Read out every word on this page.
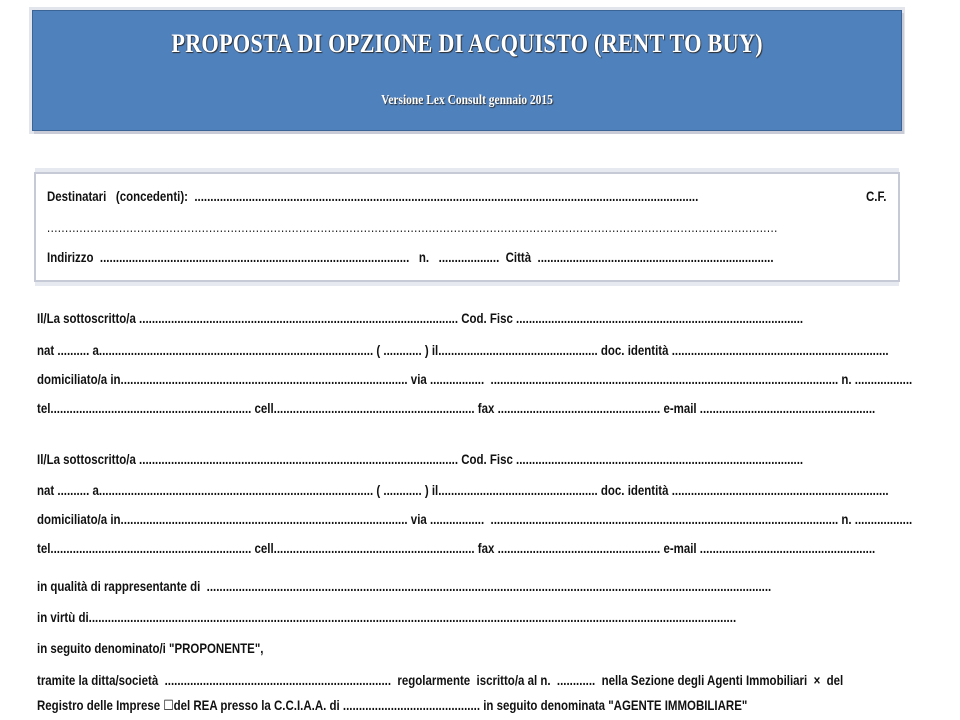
PROPOSTA DI OPZIONE DI ACQUISTO (RENT TO BUY)
Versione Lex Consult gennaio 2015
Destinatari   (concedenti):  ..............................................................................................................................................................	C.F.
...........................................................................................................................................................................................................
Indirizzo  .................................................................................................   n.   ...................  Città  ..........................................................................
Il/La sottoscritto/a .................................................................................................... Cod. Fisc ..........................................................................................
nat .......... a...................................................................................... ( ............ ) il.................................................. doc. identità ....................................................................
domiciliato/a in.......................................................................................... via .................  ............................................................................................................. n. ..................
tel............................................................... cell............................................................... fax ................................................... e-mail .......................................................
Il/La sottoscritto/a .................................................................................................... Cod. Fisc ..........................................................................................
nat .......... a...................................................................................... ( ............ ) il.................................................. doc. identità ....................................................................
domiciliato/a in.......................................................................................... via .................  ............................................................................................................. n. ..................
tel............................................................... cell............................................................... fax ................................................... e-mail .......................................................
in qualità di rappresentante di  .................................................................................................................................................................................
in virtù di...........................................................................................................................................................................................................
in seguito denominato/i "PROPONENTE",
tramite la ditta/società  .......................................................................  regolarmente  iscritto/a al n.  ............  nella Sezione degli Agenti Immobiliari  ×  del
Registro delle Imprese ☐del REA presso la C.C.I.A.A. di ........................................... in seguito denominata "AGENTE IMMOBILIARE"
